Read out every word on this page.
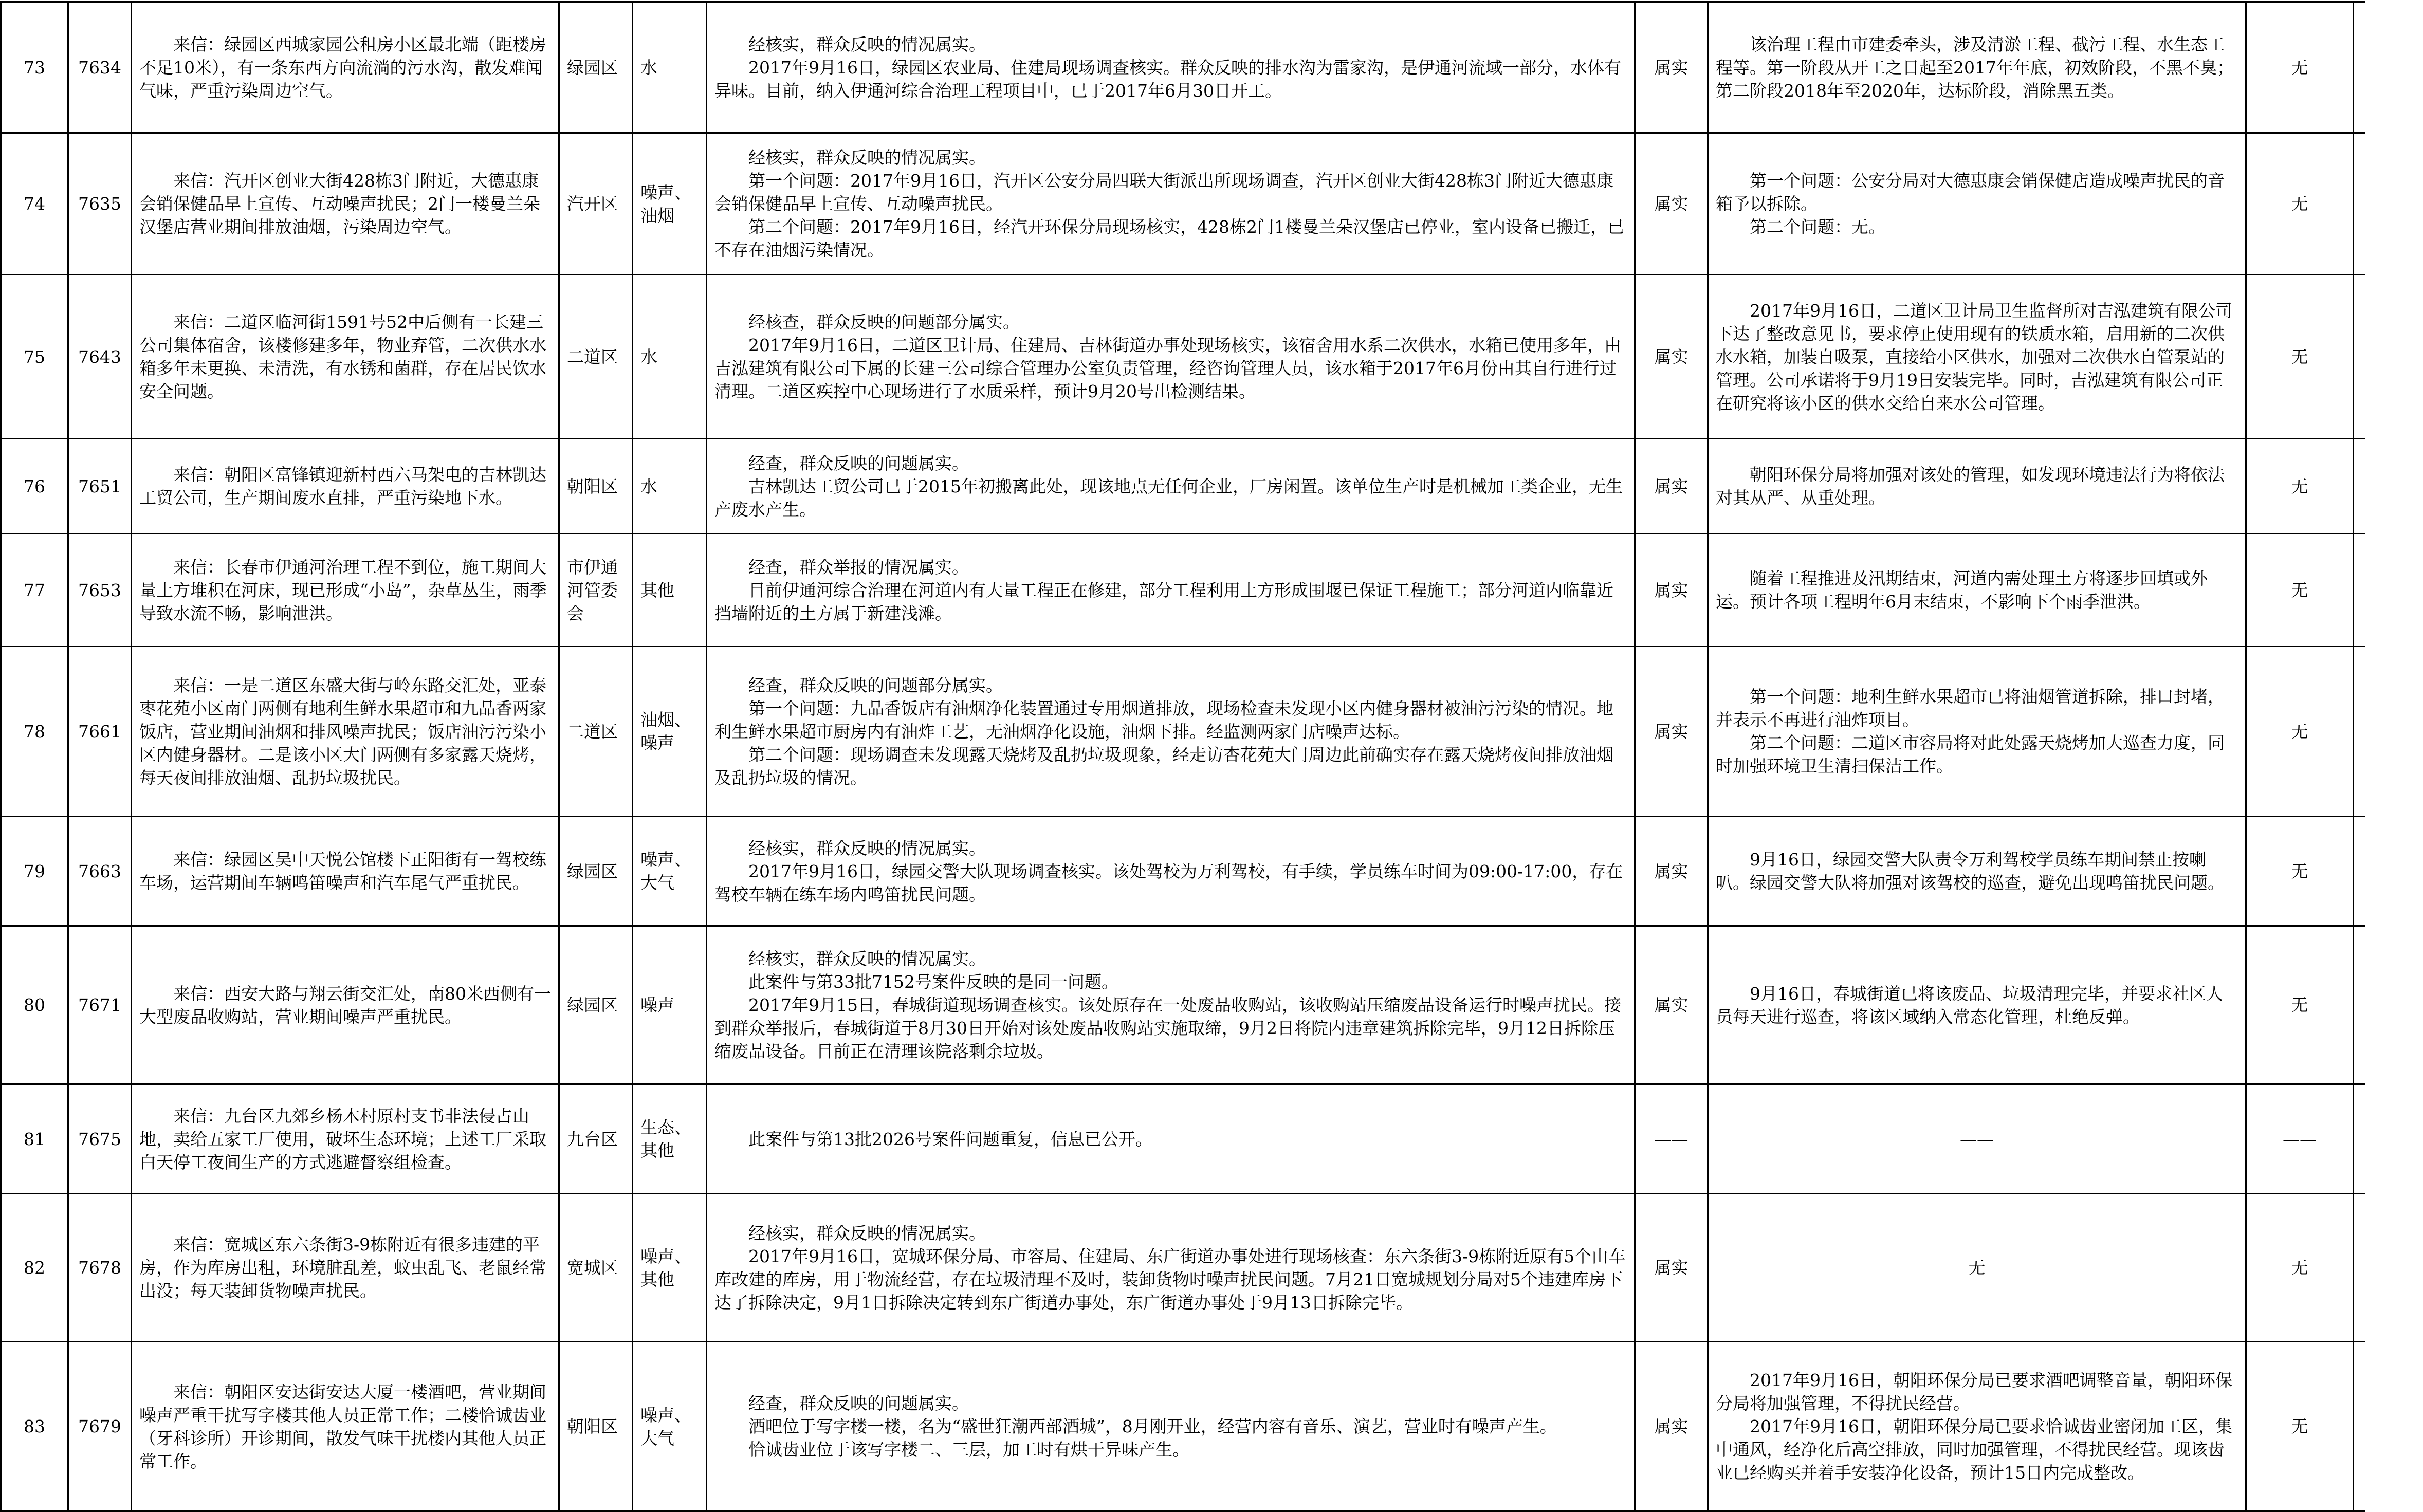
73	7634	来信：绿园区西城家园公租房小区最北端（距楼房不足10米），有一条东西方向流淌的污水沟，散发难闻气味，严重污染周边空气。	绿园区	水	经核实，群众反映的情况属实。
2017年9月16日，绿园区农业局、住建局现场调查核实。群众反映的排水沟为雷家沟，是伊通河流域一部分，水体有异味。目前，纳入伊通河综合治理工程项目中，已于2017年6月30日开工。	属实	该治理工程由市建委牵头，涉及清淤工程、截污工程、水生态工程等。第一阶段从开工之日起至2017年年底，初效阶段，不黑不臭；第二阶段2018年至2020年，达标阶段，消除黑五类。	无	
74	7635	来信：汽开区创业大街428栋3门附近，大德惠康会销保健品早上宣传、互动噪声扰民；2门一楼曼兰朵汉堡店营业期间排放油烟，污染周边空气。	汽开区	噪声、油烟	经核实，群众反映的情况属实。
第一个问题：2017年9月16日，汽开区公安分局四联大街派出所现场调查，汽开区创业大街428栋3门附近大德惠康会销保健品早上宣传、互动噪声扰民。
第二个问题：2017年9月16日，经汽开环保分局现场核实，428栋2门1楼曼兰朵汉堡店已停业，室内设备已搬迁，已不存在油烟污染情况。	属实	第一个问题：公安分局对大德惠康会销保健店造成噪声扰民的音箱予以拆除。
第二个问题：无。	无	
75	7643	来信：二道区临河街1591号52中后侧有一长建三公司集体宿舍，该楼修建多年，物业弃管，二次供水水箱多年未更换、未清洗，有水锈和菌群，存在居民饮水安全问题。	二道区	水	经核查，群众反映的问题部分属实。
2017年9月16日，二道区卫计局、住建局、吉林街道办事处现场核实，该宿舍用水系二次供水，水箱已使用多年，由吉泓建筑有限公司下属的长建三公司综合管理办公室负责管理，经咨询管理人员，该水箱于2017年6月份由其自行进行过清理。二道区疾控中心现场进行了水质采样，预计9月20号出检测结果。	属实	2017年9月16日，二道区卫计局卫生监督所对吉泓建筑有限公司下达了整改意见书，要求停止使用现有的铁质水箱，启用新的二次供水水箱，加装自吸泵，直接给小区供水，加强对二次供水自管泵站的管理。公司承诺将于9月19日安装完毕。同时，吉泓建筑有限公司正在研究将该小区的供水交给自来水公司管理。	无	
76	7651	来信：朝阳区富锋镇迎新村西六马架电的吉林凯达工贸公司，生产期间废水直排，严重污染地下水。	朝阳区	水	经查，群众反映的问题属实。
吉林凯达工贸公司已于2015年初搬离此处，现该地点无任何企业，厂房闲置。该单位生产时是机械加工类企业，无生产废水产生。	属实	朝阳环保分局将加强对该处的管理，如发现环境违法行为将依法对其从严、从重处理。	无	
77	7653	来信：长春市伊通河治理工程不到位，施工期间大量土方堆积在河床，现已形成“小岛”，杂草丛生，雨季导致水流不畅，影响泄洪。	市伊通河管委会	其他	经查，群众举报的情况属实。
目前伊通河综合治理在河道内有大量工程正在修建，部分工程利用土方形成围堰已保证工程施工；部分河道内临靠近挡墙附近的土方属于新建浅滩。	属实	随着工程推进及汛期结束，河道内需处理土方将逐步回填或外运。预计各项工程明年6月末结束，不影响下个雨季泄洪。	无	
78	7661	来信：一是二道区东盛大街与岭东路交汇处，亚泰枣花苑小区南门两侧有地利生鲜水果超市和九品香两家饭店，营业期间油烟和排风噪声扰民；饭店油污污染小区内健身器材。二是该小区大门两侧有多家露天烧烤，每天夜间排放油烟、乱扔垃圾扰民。	二道区	油烟、噪声	经查，群众反映的问题部分属实。
第一个问题：九品香饭店有油烟净化装置通过专用烟道排放，现场检查未发现小区内健身器材被油污污染的情况。地利生鲜水果超市厨房内有油炸工艺，无油烟净化设施，油烟下排。经监测两家门店噪声达标。
第二个问题：现场调查未发现露天烧烤及乱扔垃圾现象，经走访杏花苑大门周边此前确实存在露天烧烤夜间排放油烟及乱扔垃圾的情况。	属实	第一个问题：地利生鲜水果超市已将油烟管道拆除，排口封堵，并表示不再进行油炸项目。
第二个问题：二道区市容局将对此处露天烧烤加大巡查力度，同时加强环境卫生清扫保洁工作。	无	
79	7663	来信：绿园区吴中天悦公馆楼下正阳街有一驾校练车场，运营期间车辆鸣笛噪声和汽车尾气严重扰民。	绿园区	噪声、大气	经核实，群众反映的情况属实。
2017年9月16日，绿园交警大队现场调查核实。该处驾校为万利驾校，有手续，学员练车时间为09:00-17:00，存在驾校车辆在练车场内鸣笛扰民问题。	属实	9月16日，绿园交警大队责令万利驾校学员练车期间禁止按喇叭。绿园交警大队将加强对该驾校的巡查，避免出现鸣笛扰民问题。	无	
80	7671	来信：西安大路与翔云街交汇处，南80米西侧有一大型废品收购站，营业期间噪声严重扰民。	绿园区	噪声	经核实，群众反映的情况属实。
此案件与第33批7152号案件反映的是同一问题。
2017年9月15日，春城街道现场调查核实。该处原存在一处废品收购站，该收购站压缩废品设备运行时噪声扰民。接到群众举报后，春城街道于8月30日开始对该处废品收购站实施取缔，9月2日将院内违章建筑拆除完毕，9月12日拆除压缩废品设备。目前正在清理该院落剩余垃圾。	属实	9月16日，春城街道已将该废品、垃圾清理完毕，并要求社区人员每天进行巡查，将该区域纳入常态化管理，杜绝反弹。	无	
81	7675	来信：九台区九郊乡杨木村原村支书非法侵占山地，卖给五家工厂使用，破坏生态环境；上述工厂采取白天停工夜间生产的方式逃避督察组检查。	九台区	生态、其他	此案件与第13批2026号案件问题重复，信息已公开。	——	——	——	
82	7678	来信：宽城区东六条街3-9栋附近有很多违建的平房，作为库房出租，环境脏乱差，蚊虫乱飞、老鼠经常出没；每天装卸货物噪声扰民。	宽城区	噪声、其他	经核实，群众反映的情况属实。
2017年9月16日，宽城环保分局、市容局、住建局、东广街道办事处进行现场核查：东六条街3-9栋附近原有5个由车库改建的库房，用于物流经营，存在垃圾清理不及时，装卸货物时噪声扰民问题。7月21日宽城规划分局对5个违建库房下达了拆除决定，9月1日拆除决定转到东广街道办事处，东广街道办事处于9月13日拆除完毕。	属实	无	无	
83	7679	来信：朝阳区安达街安达大厦一楼酒吧，营业期间噪声严重干扰写字楼其他人员正常工作；二楼恰诚齿业（牙科诊所）开诊期间，散发气味干扰楼内其他人员正常工作。	朝阳区	噪声、大气	经查，群众反映的问题属实。
酒吧位于写字楼一楼，名为“盛世狂潮西部酒城”，8月刚开业，经营内容有音乐、演艺，营业时有噪声产生。
恰诚齿业位于该写字楼二、三层，加工时有烘干异味产生。	属实	2017年9月16日，朝阳环保分局已要求酒吧调整音量，朝阳环保分局将加强管理，不得扰民经营。
2017年9月16日，朝阳环保分局已要求恰诚齿业密闭加工区，集中通风，经净化后高空排放，同时加强管理，不得扰民经营。现该齿业已经购买并着手安装净化设备，预计15日内完成整改。	无	
